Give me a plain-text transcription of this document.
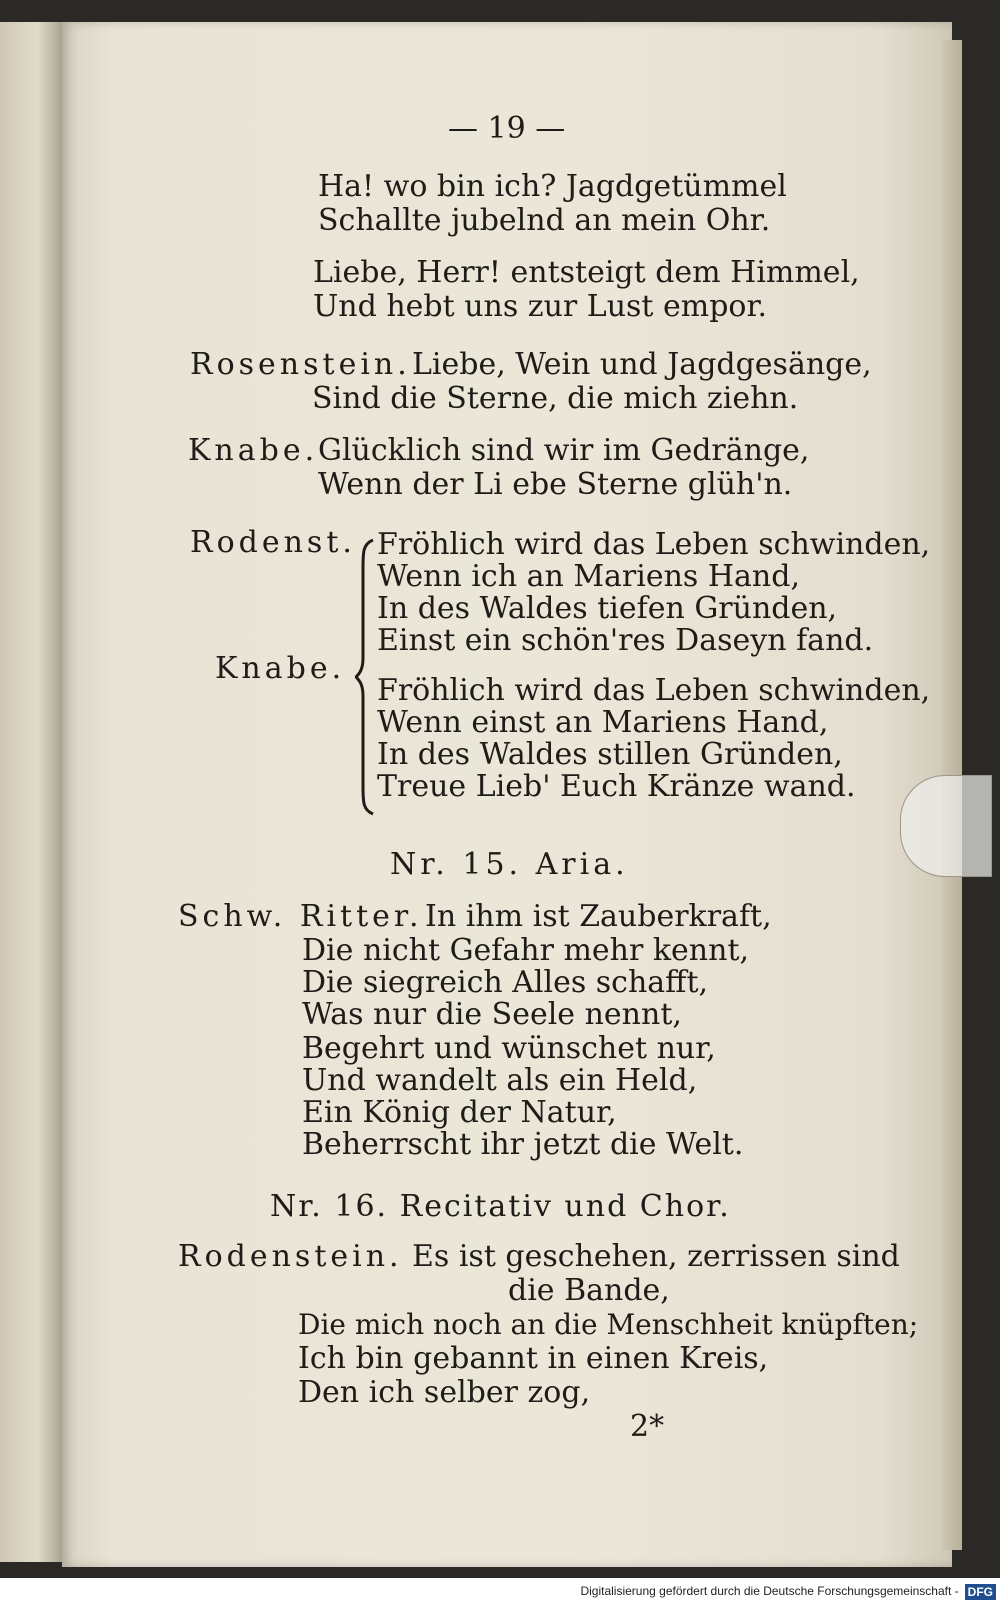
— 19 —
Ha! wo bin ich? Jagdgetümmel
Schallte jubelnd an mein Ohr.
Liebe, Herr! entsteigt dem Himmel,
Und hebt uns zur Lust empor.
Rosenstein. Liebe, Wein und Jagdgesänge,
Sind die Sterne, die mich ziehn.
Knabe. Glücklich sind wir im Gedränge,
Wenn der Li ebe Sterne glüh'n.
Rodenst.
Knabe.
Fröhlich wird das Leben schwinden,
Wenn ich an Mariens Hand,
In des Waldes tiefen Gründen,
Einst ein schön'res Daseyn fand.
Fröhlich wird das Leben schwinden,
Wenn einst an Mariens Hand,
In des Waldes stillen Gründen,
Treue Lieb' Euch Kränze wand.
Nr. 15. Aria.
Schw. Ritter. In ihm ist Zauberkraft,
Die nicht Gefahr mehr kennt,
Die siegreich Alles schafft,
Was nur die Seele nennt,
Begehrt und wünschet nur,
Und wandelt als ein Held,
Ein König der Natur,
Beherrscht ihr jetzt die Welt.
Nr. 16. Recitativ und Chor.
Rodenstein. Es ist geschehen, zerrissen sind
die Bande,
Die mich noch an die Menschheit knüpften;
Ich bin gebannt in einen Kreis,
Den ich selber zog,
2*
Digitalisierung gefördert durch die Deutsche Forschungsgemeinschaft - DFG
